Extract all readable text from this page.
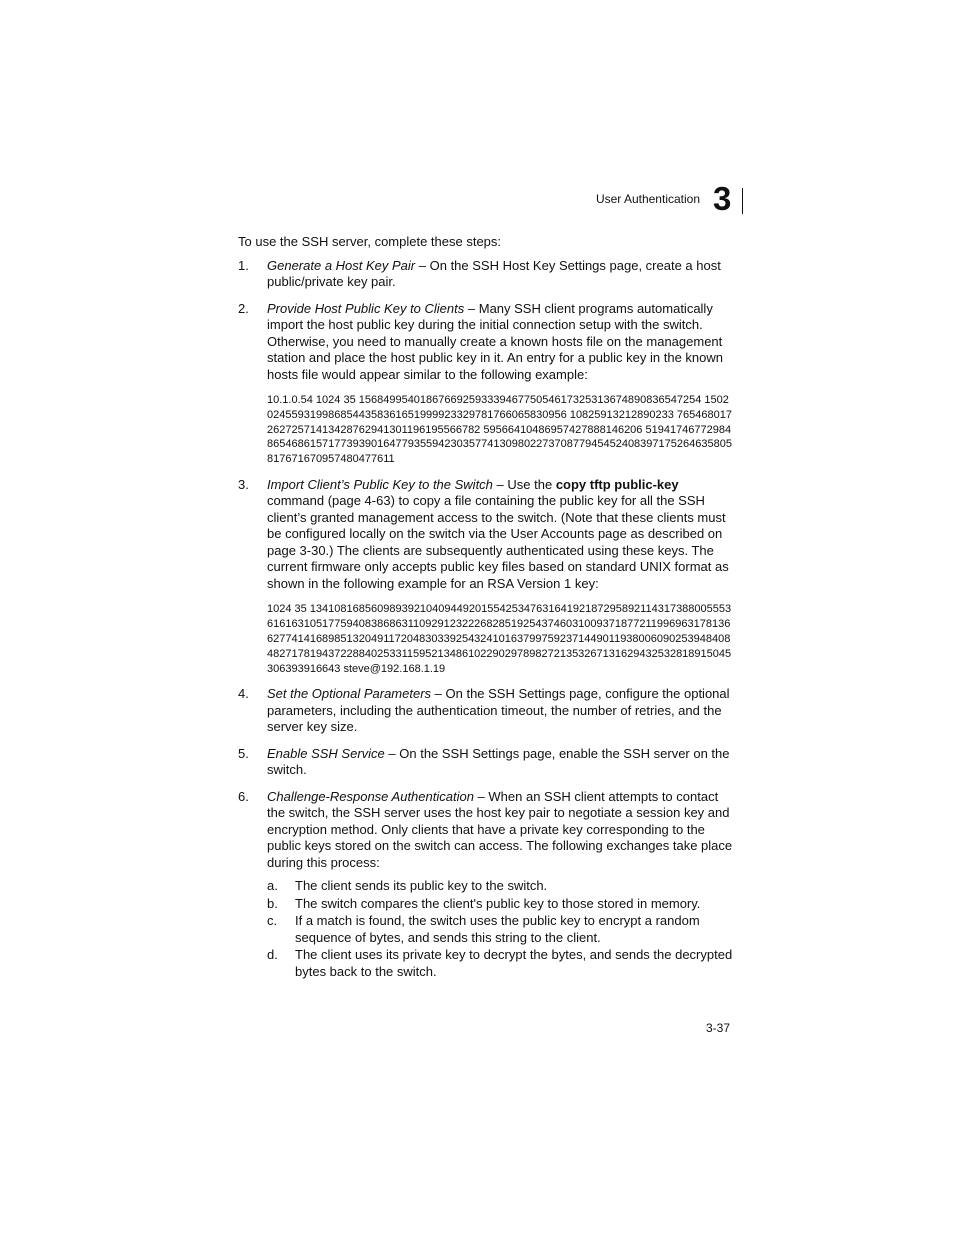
User Authentication 3

To use the SSH server, complete these steps:

1. Generate a Host Key Pair – On the SSH Host Key Settings page, create a host public/private key pair.

2. Provide Host Public Key to Clients – Many SSH client programs automatically import the host public key during the initial connection setup with the switch. Otherwise, you need to manually create a known hosts file on the management station and place the host public key in it. An entry for a public key in the known hosts file would appear similar to the following example:

10.1.0.54 1024 35 15684995401867669259333946775054617325313674890836547254 15020245593199868544358361651999923329781766065830956 10825913212890233 76546801726272571413428762941301196195566782 59566410486957427888146206 519417467729848654686157177393901647793559423035774130980227370877945452408397175264635805817671670957480477611
3. Import Client’s Public Key to the Switch – Use the copy tftp public-key command (page 4-63) to copy a file containing the public key for all the SSH client’s granted management access to the switch. (Note that these clients must be configured locally on the switch via the User Accounts page as described on page 3-30.) The clients are subsequently authenticated using these keys. The current firmware only accepts public key files based on standard UNIX format as shown in the following example for an RSA Version 1 key:

1024 35 134108168560989392104094492015542534763164192187295892114317388005553616163105177594083868631109291232226828519254374603100937187721199696317813662774141689851320491172048303392543241016379975923714490119380060902539484084827178194372288402533115952134861022902978982721353267131629432532818915045306393916643 steve@192.168.1.19
4. Set the Optional Parameters – On the SSH Settings page, configure the optional parameters, including the authentication timeout, the number of retries, and the server key size.

5. Enable SSH Service – On the SSH Settings page, enable the SSH server on the switch.

6. Challenge-Response Authentication – When an SSH client attempts to contact the switch, the SSH server uses the host key pair to negotiate a session key and encryption method. Only clients that have a private key corresponding to the public keys stored on the switch can access. The following exchanges take place during this process:

a. The client sends its public key to the switch.
b. The switch compares the client's public key to those stored in memory.
c. If a match is found, the switch uses the public key to encrypt a random sequence of bytes, and sends this string to the client.
d. The client uses its private key to decrypt the bytes, and sends the decrypted bytes back to the switch.
3-37
